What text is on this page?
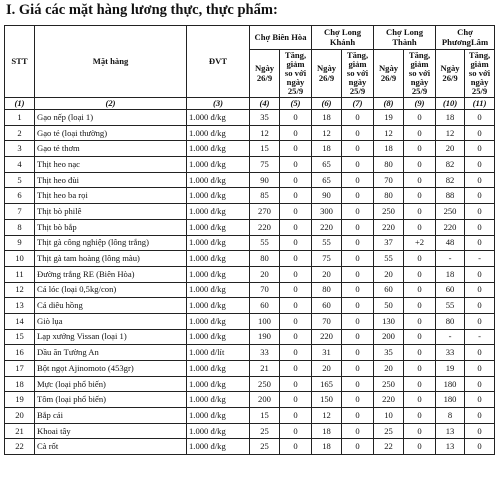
I. Giá các mặt hàng lương thực, thực phẩm:
STT	Mặt hàng	ĐVT	Chợ Biên Hòa		Chợ Long Khánh		Chợ Long Thành		Chợ PhươngLâm	
			Ngày 26/9	Tăng, giảm so với ngày 25/9	Ngày 26/9	Tăng, giảm so với ngày 25/9	Ngày 26/9	Tăng, giảm so với ngày 25/9	Ngày 26/9	Tăng, giảm so với ngày 25/9
(1)	(2)	(3)	(4)	(5)	(6)	(7)	(8)	(9)	(10)	(11)
1	Gạo nếp (loại 1)	1.000 đ/kg	35	0	18	0	19	0	18	0
2	Gạo tẻ (loại thường)	1.000 đ/kg	12	0	12	0	12	0	12	0
3	Gạo tẻ thơm	1.000 đ/kg	15	0	18	0	18	0	20	0
4	Thịt heo nạc	1.000 đ/kg	75	0	65	0	80	0	82	0
5	Thịt heo đùi	1.000 đ/kg	90	0	65	0	70	0	82	0
6	Thịt heo ba rọi	1.000 đ/kg	85	0	90	0	80	0	88	0
7	Thịt bò philê	1.000 đ/kg	270	0	300	0	250	0	250	0
8	Thịt bò bắp	1.000 đ/kg	220	0	220	0	220	0	220	0
9	Thịt gà công nghiệp (lông trắng)	1.000 đ/kg	55	0	55	0	37	+2	48	0
10	Thịt gà tam hoàng (lông màu)	1.000 đ/kg	80	0	75	0	55	0	-	-
11	Đường trắng RE (Biên Hòa)	1.000 đ/kg	20	0	20	0	20	0	18	0
12	Cá lóc (loại 0,5kg/con)	1.000 đ/kg	70	0	80	0	60	0	60	0
13	Cá diêu hồng	1.000 đ/kg	60	0	60	0	50	0	55	0
14	Giò lụa	1.000 đ/kg	100	0	70	0	130	0	80	0
15	Lạp xưởng Vissan (loại 1)	1.000 đ/kg	190	0	220	0	200	0	-	-
16	Dầu ăn Tường An	1.000 đ/lít	33	0	31	0	35	0	33	0
17	Bột ngọt Ajinomoto (453gr)	1.000 đ/kg	21	0	20	0	20	0	19	0
18	Mực (loại phổ biến)	1.000 đ/kg	250	0	165	0	250	0	180	0
19	Tôm (loại phổ biến)	1.000 đ/kg	200	0	150	0	220	0	180	0
20	Bắp cải	1.000 đ/kg	15	0	12	0	10	0	8	0
21	Khoai tây	1.000 đ/kg	25	0	18	0	25	0	13	0
22	Cà rốt	1.000 đ/kg	25	0	18	0	22	0	13	0
